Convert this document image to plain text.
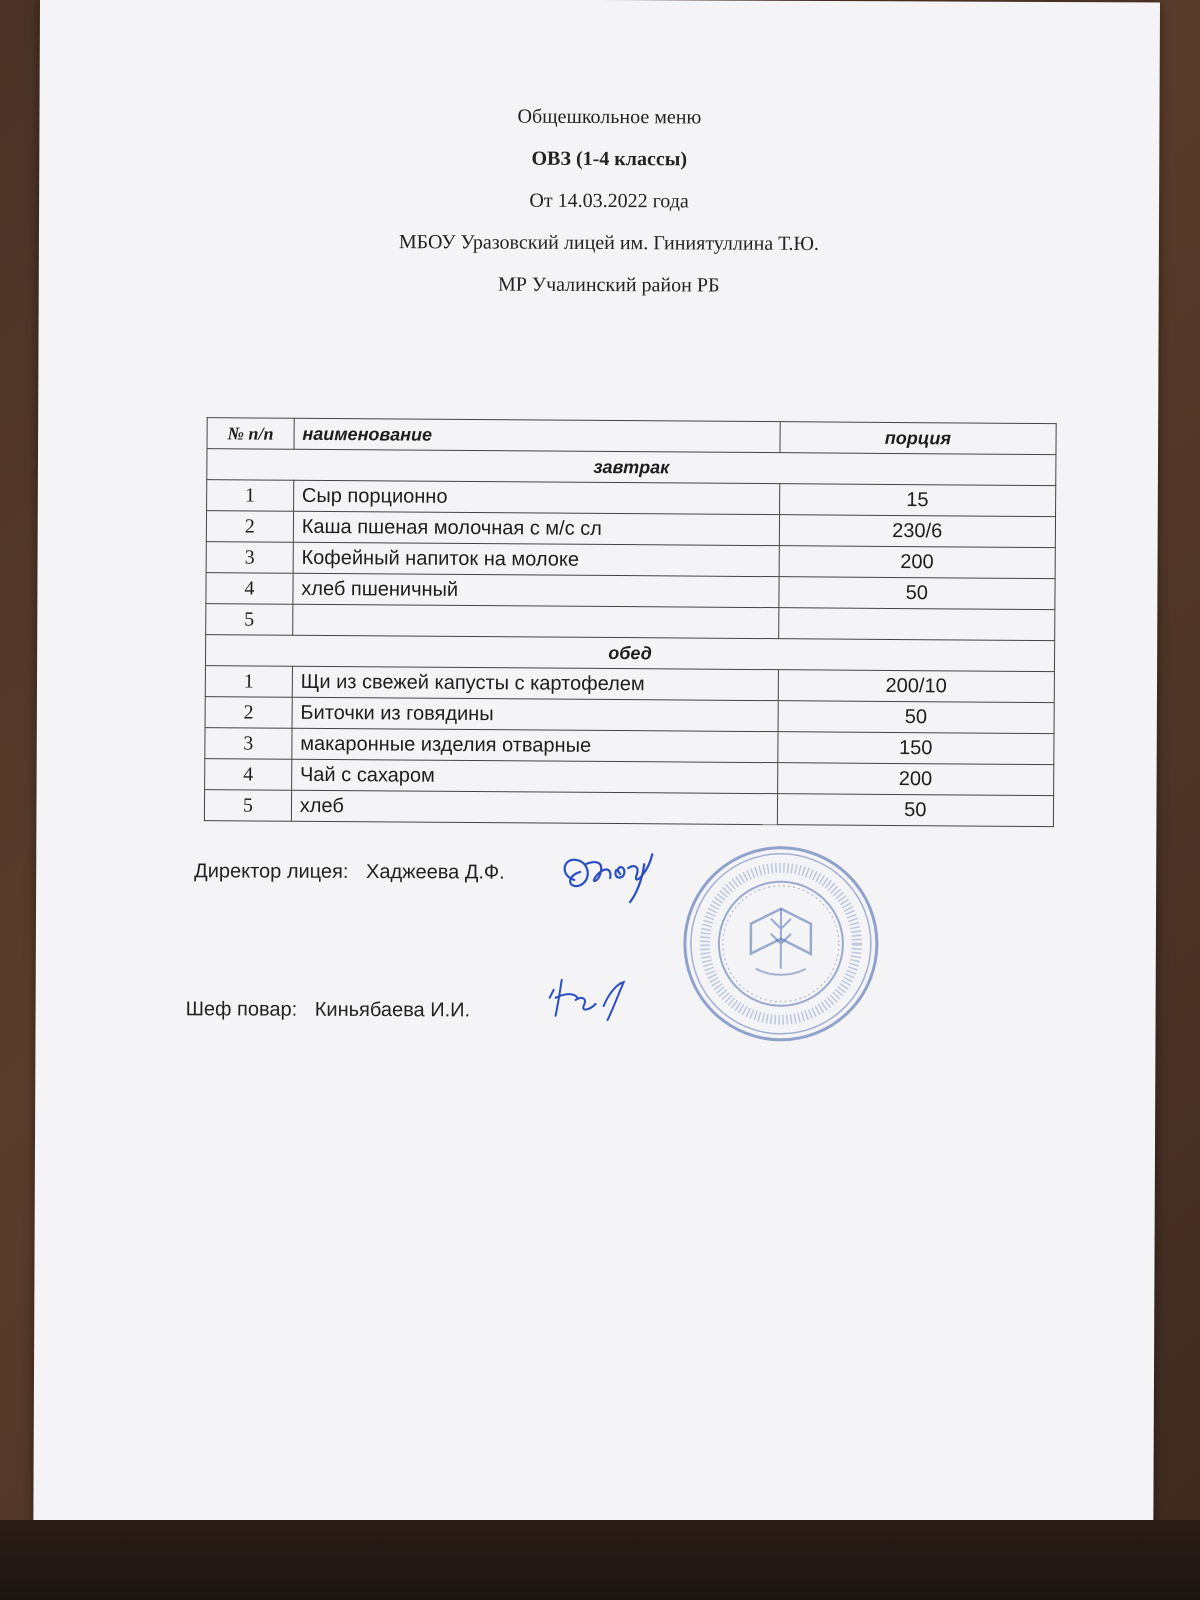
Общешкольное меню
ОВЗ (1-4 классы)
От 14.03.2022 года
МБОУ Уразовский лицей им. Гиниятуллина Т.Ю.
МР Учалинский район РБ
№ п/п	наименование	порция
завтрак		
1	Сыр порционно	15
2	Каша пшеная молочная с м/с сл	230/6
3	Кофейный напиток на молоке	200
4	хлеб пшеничный	50
5		
обед		
1	Щи из свежей капусты с картофелем	200/10
2	Биточки из говядины	50
3	макаронные изделия отварные	150
4	Чай с сахаром	200
5	хлеб	50
Директор лицея: Хаджеева Д.Ф.
Шеф повар: Киньябаева И.И.
